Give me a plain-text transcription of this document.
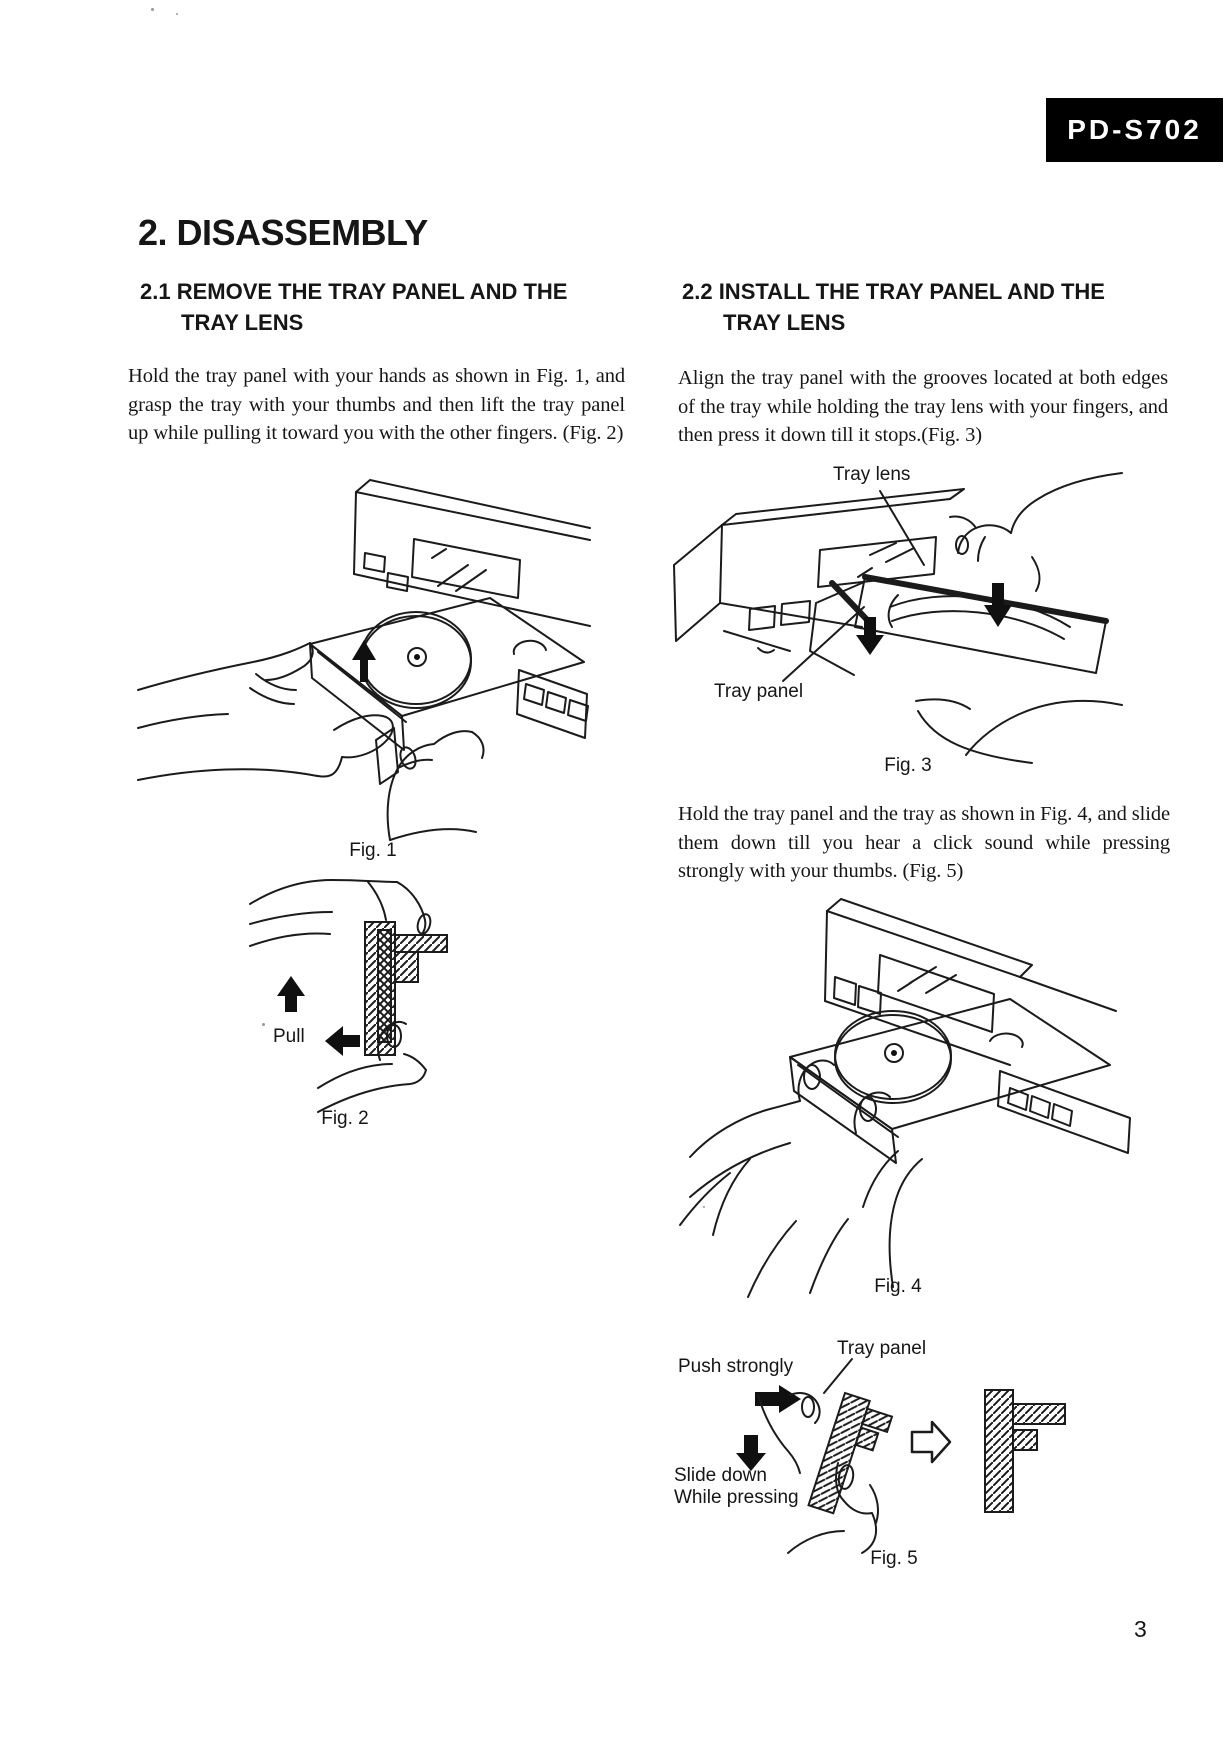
PD-S702
2. DISASSEMBLY
2.1 REMOVE THE TRAY PANEL AND THE
TRAY LENS
Hold the tray panel with your hands as shown in Fig. 1, and grasp the tray with your thumbs and then lift the tray panel up while pulling it toward you with the other fingers. (Fig. 2)
2.2 INSTALL THE TRAY PANEL AND THE
TRAY LENS
Align the tray panel with the grooves located at both edges of the tray while holding the tray lens with your fingers, and then press it down till it stops.(Fig. 3)
Hold the tray panel and the tray as shown in Fig. 4, and slide them down till you hear a click sound while pressing strongly with your thumbs. (Fig. 5)
Fig. 1
Pull
Fig. 2
Tray lens
Tray panel
Fig. 3
Fig. 4
Tray panel
Push strongly
Slide down
While pressing
Fig. 5
3
